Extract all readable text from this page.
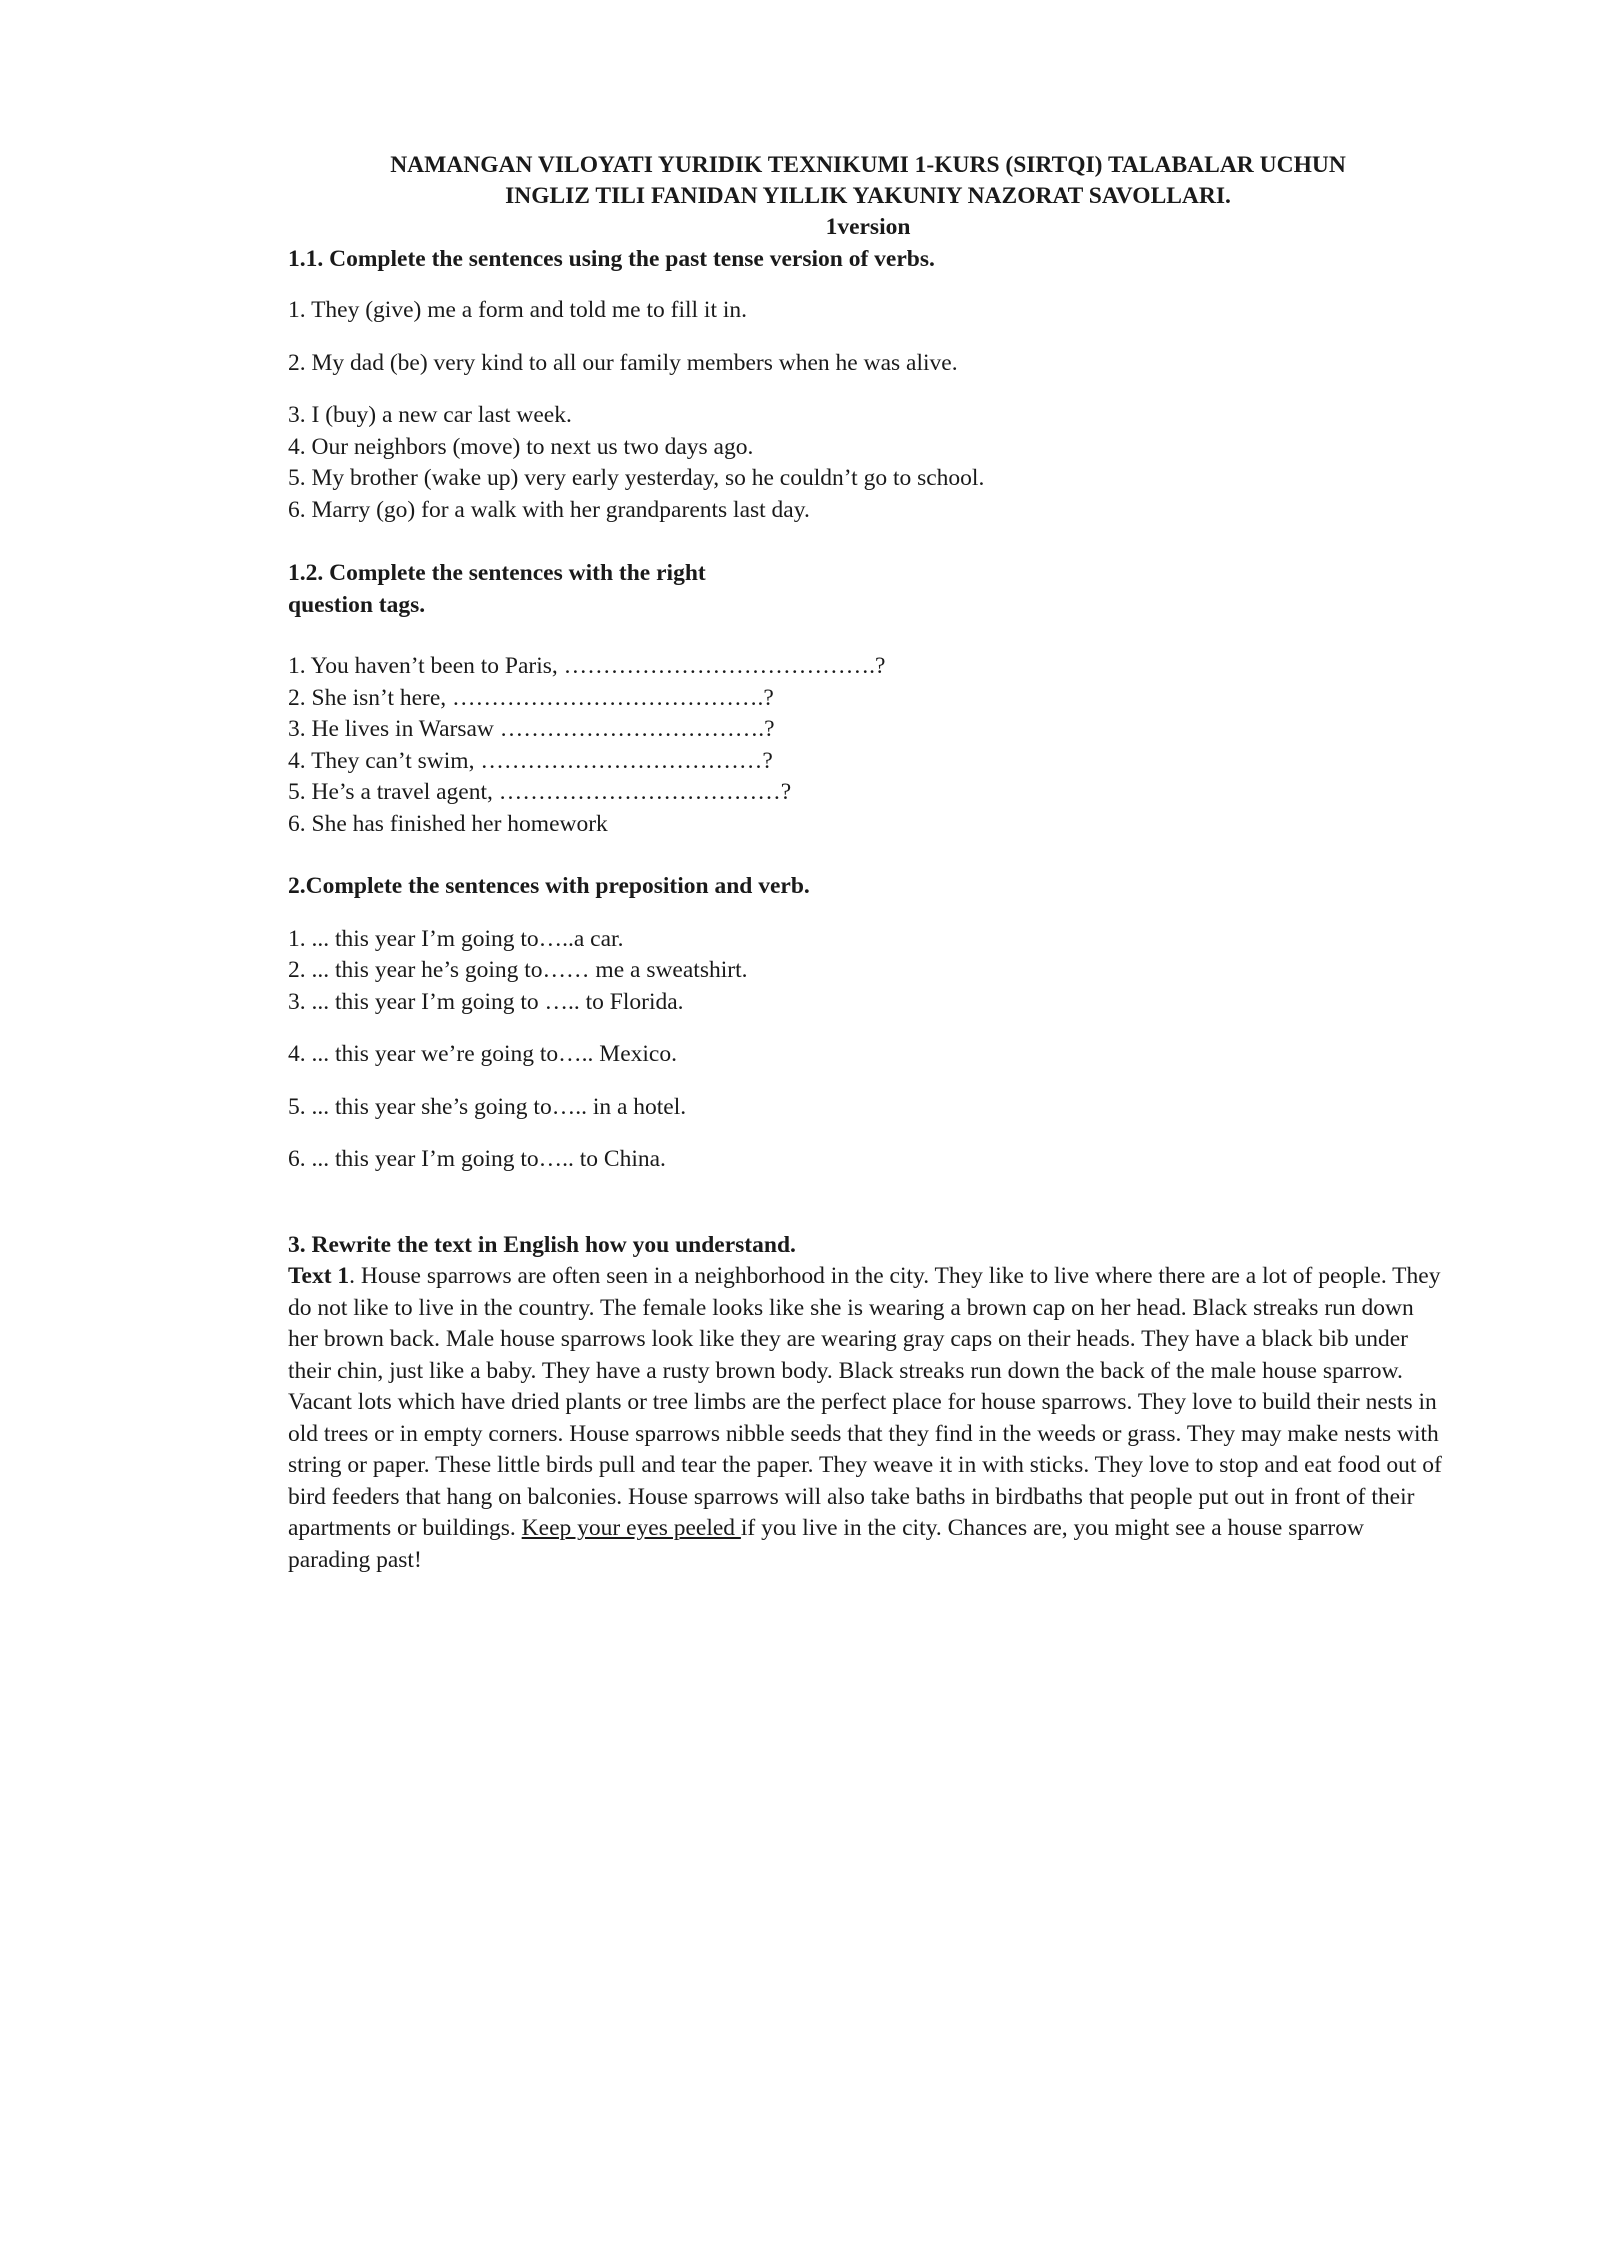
NAMANGAN VILOYATI YURIDIK TEXNIKUMI 1-KURS (SIRTQI) TALABALAR UCHUN

INGLIZ TILI FANIDAN YILLIK YAKUNIY NAZORAT SAVOLLARI.

1version

1.1. Complete the sentences using the past tense version of verbs.

1. They (give) me a form and told me to fill it in.

2. My dad (be) very kind to all our family members when he was alive.

3. I (buy) a new car last week.

4. Our neighbors (move) to next us two days ago.

5. My brother (wake up) very early yesterday, so he couldn’t go to school.

6. Marry (go) for a walk with her grandparents last day.

1.2. Complete the sentences with the right

question tags.

1. You haven’t been to Paris, ………………………………….?

2. She isn’t here, ………………………………….?

3. He lives in Warsaw …………………………….?

4. They can’t swim, ………………………………?

5. He’s a travel agent, ………………………………?

6. She has finished her homework

2.Complete the sentences with preposition and verb.

1. ... this year I’m going to…..a car.

2. ... this year he’s going to…… me a sweatshirt.

3. ... this year I’m going to ….. to Florida.

4. ... this year we’re going to….. Mexico.

5. ... this year she’s going to….. in a hotel.

6. ... this year I’m going to….. to China.

3. Rewrite the text in English how you understand.

Text 1. House sparrows are often seen in a neighborhood in the city. They like to live where there are a lot of people. They do not like to live in the country. The female looks like she is wearing a brown cap on her head. Black streaks run down her brown back. Male house sparrows look like they are wearing gray caps on their heads. They have a black bib under their chin, just like a baby. They have a rusty brown body. Black streaks run down the back of the male house sparrow. Vacant lots which have dried plants or tree limbs are the perfect place for house sparrows. They love to build their nests in old trees or in empty corners. House sparrows nibble seeds that they find in the weeds or grass. They may make nests with string or paper. These little birds pull and tear the paper. They weave it in with sticks. They love to stop and eat food out of bird feeders that hang on balconies. House sparrows will also take baths in birdbaths that people put out in front of their apartments or buildings. Keep your eyes peeled if you live in the city. Chances are, you might see a house sparrow parading past!
